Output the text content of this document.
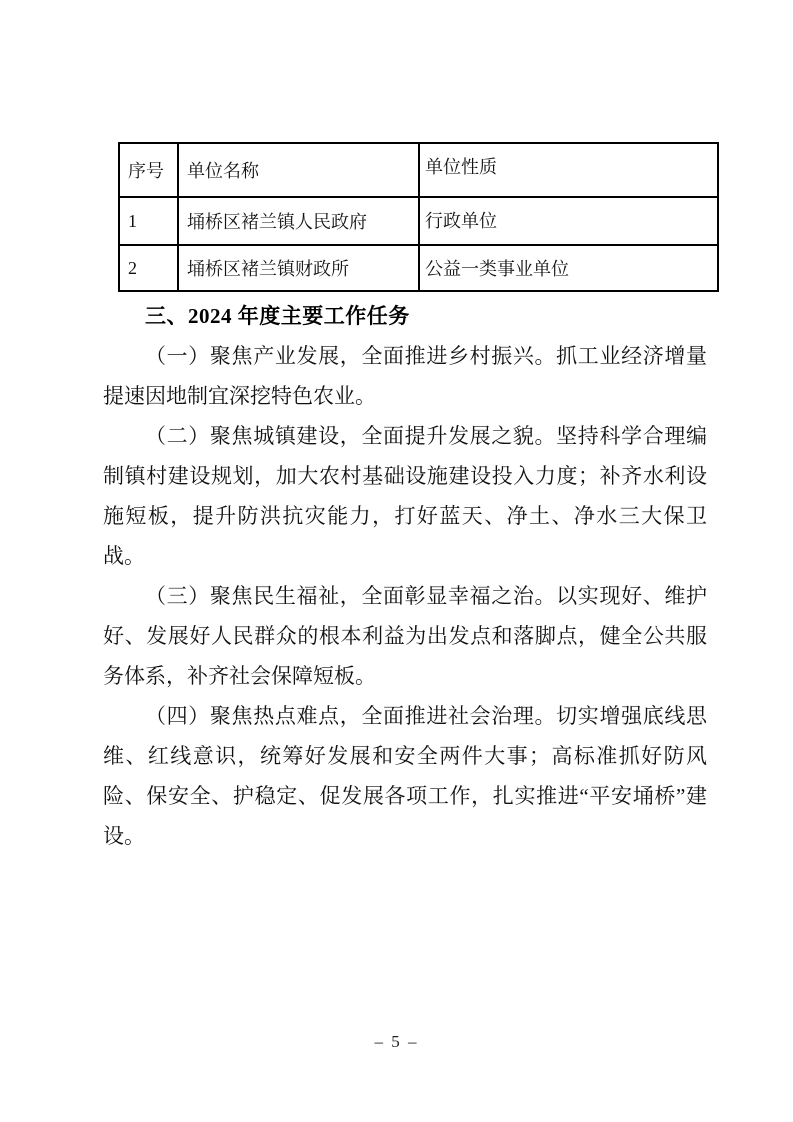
序号	单位名称	单位性质
1	埇桥区褚兰镇人民政府	行政单位
2	埇桥区褚兰镇财政所	公益一类事业单位
三、2024 年度主要工作任务

（一）聚焦产业发展，全面推进乡村振兴。抓工业经济增量提速因地制宜深挖特色农业。

（二）聚焦城镇建设，全面提升发展之貌。坚持科学合理编制镇村建设规划，加大农村基础设施建设投入力度；补齐水利设施短板，提升防洪抗灾能力，打好蓝天、净土、净水三大保卫战。

（三）聚焦民生福祉，全面彰显幸福之治。以实现好、维护好、发展好人民群众的根本利益为出发点和落脚点，健全公共服务体系，补齐社会保障短板。

（四）聚焦热点难点，全面推进社会治理。切实增强底线思维、红线意识，统筹好发展和安全两件大事；高标准抓好防风险、保安全、护稳定、促发展各项工作，扎实推进“平安埇桥”建设。

– 5 –
